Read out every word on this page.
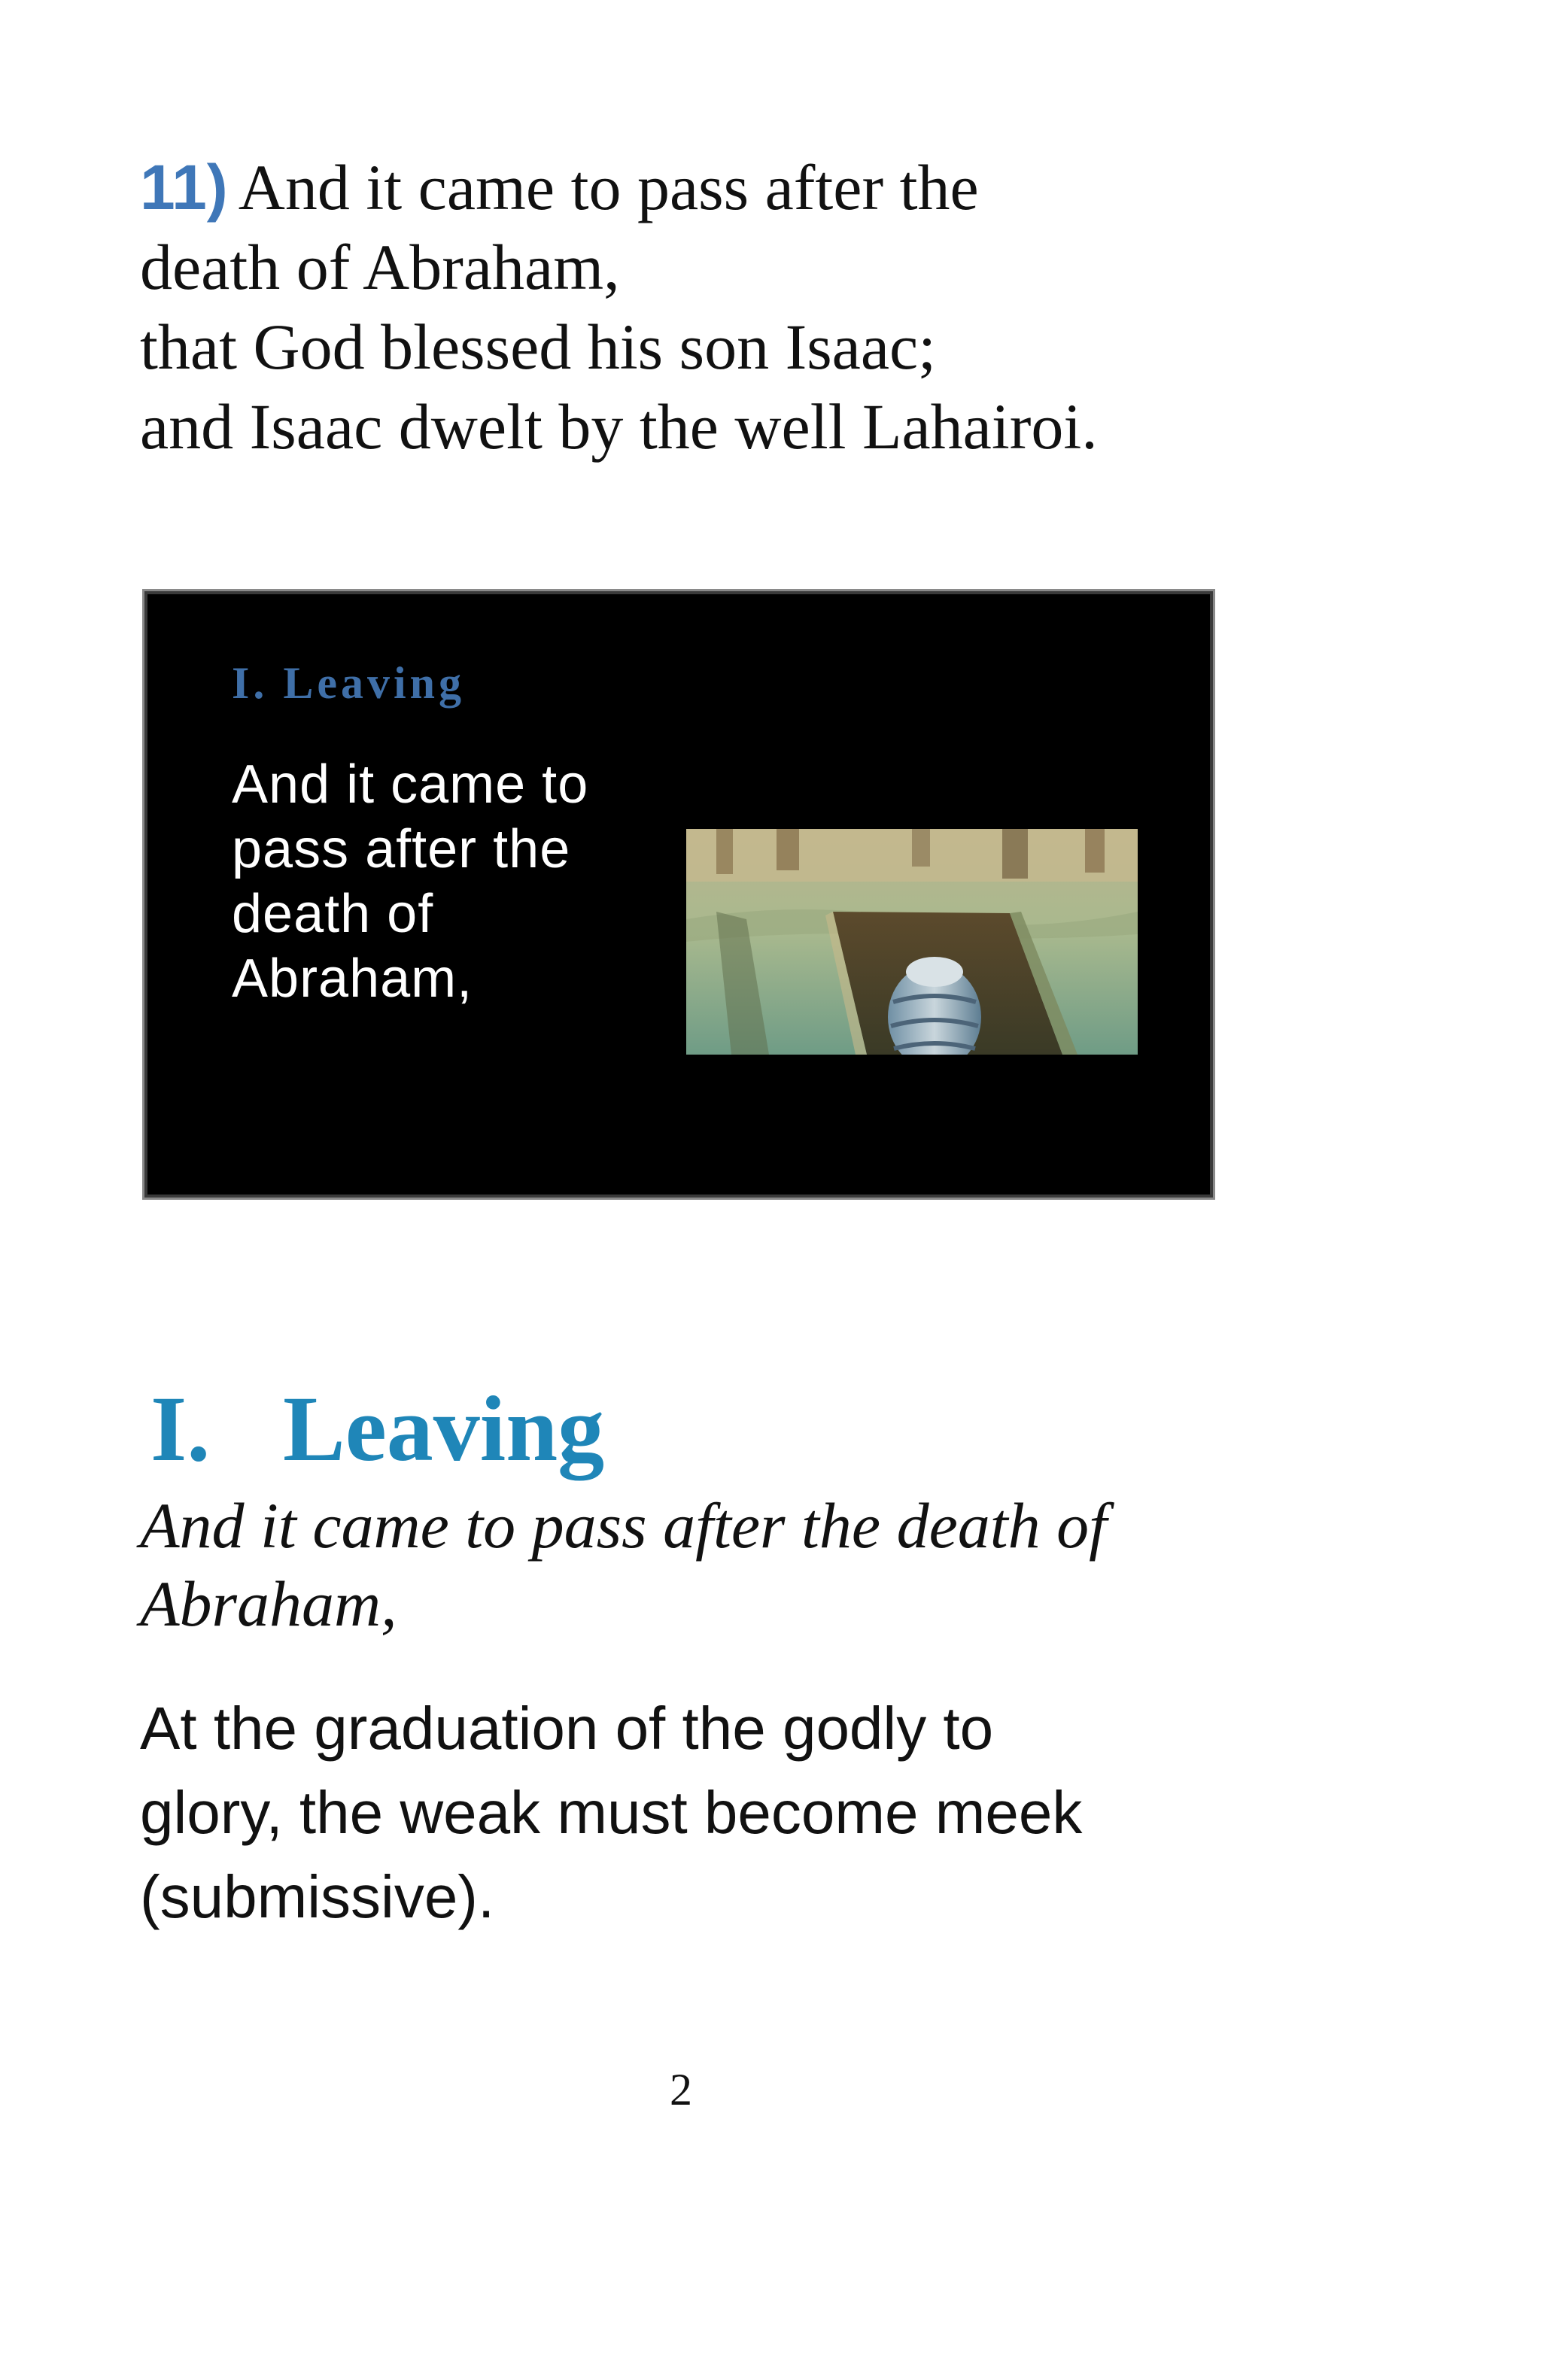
11) And it came to pass after the
death of Abraham,
that God blessed his son Isaac;
and Isaac dwelt by the well Lahairoi.
I. Leaving
And it came to
pass after the
death of
Abraham,
I. Leaving
And it came to pass after the death of
Abraham,
At the graduation of the godly to
glory, the weak must become meek
(submissive).
2
